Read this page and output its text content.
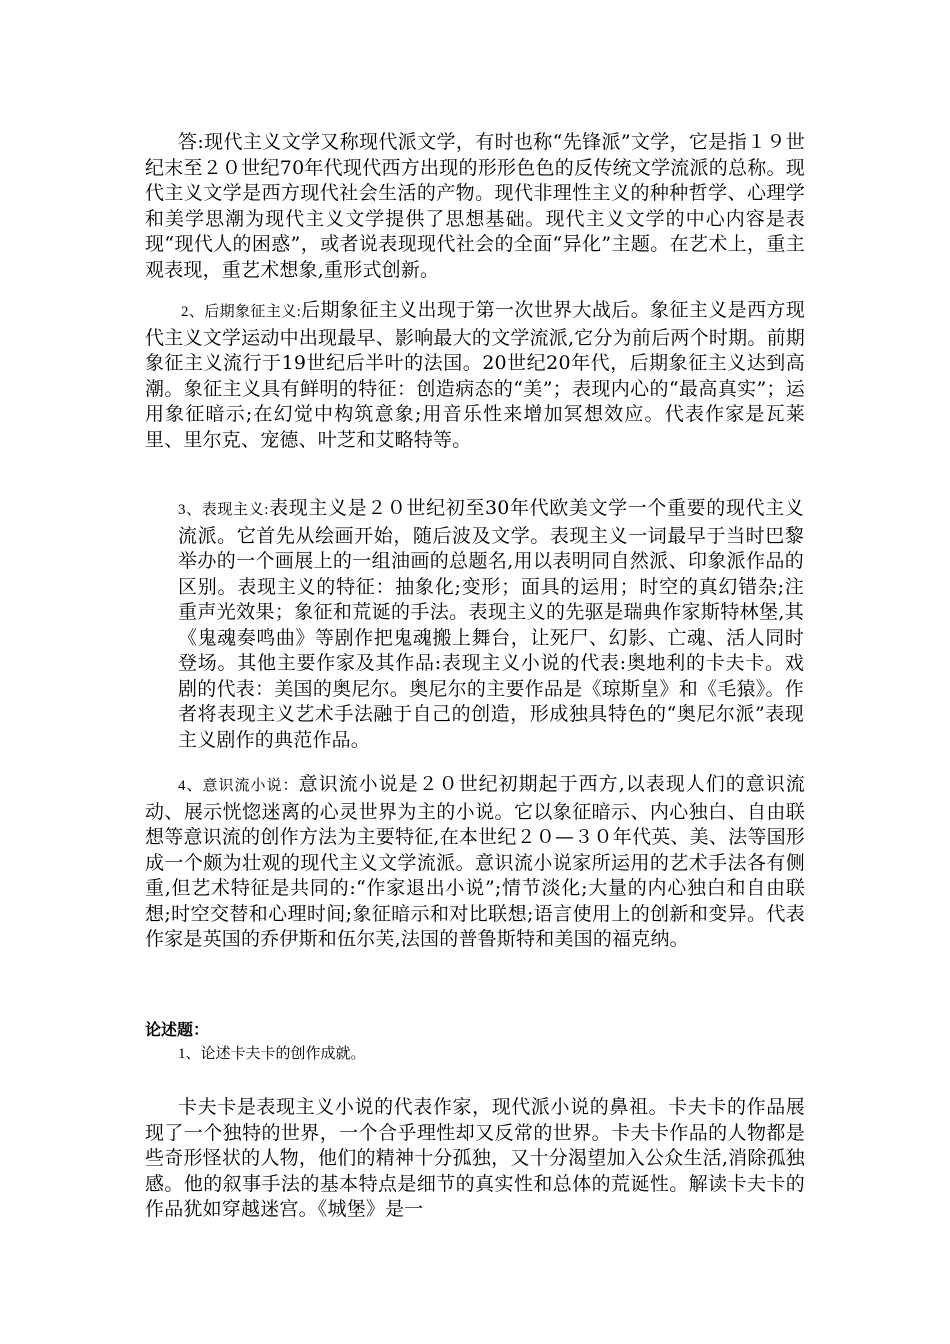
答:现代主义文学又称现代派文学，有时也称“先锋派”文学，它是指１９世纪末至２０世纪70年代现代西方出现的形形色色的反传统文学流派的总称。现代主义文学是西方现代社会生活的产物。现代非理性主义的种种哲学、心理学和美学思潮为现代主义文学提供了思想基础。现代主义文学的中心内容是表现“现代人的困惑”，或者说表现现代社会的全面“异化”主题。在艺术上，重主观表现，重艺术想象,重形式创新。

2、后期象征主义:后期象征主义出现于第一次世界大战后。象征主义是西方现代主义文学运动中出现最早、影响最大的文学流派,它分为前后两个时期。前期象征主义流行于19世纪后半叶的法国。20世纪20年代，后期象征主义达到高潮。象征主义具有鲜明的特征：创造病态的“美”；表现内心的“最高真实”；运用象征暗示;在幻觉中构筑意象;用音乐性来增加冥想效应。代表作家是瓦莱里、里尔克、宠德、叶芝和艾略特等。

3、表现主义:表现主义是２０世纪初至30年代欧美文学一个重要的现代主义流派。它首先从绘画开始，随后波及文学。表现主义一词最早于当时巴黎举办的一个画展上的一组油画的总题名,用以表明同自然派、印象派作品的区别。表现主义的特征：抽象化;变形；面具的运用；时空的真幻错杂;注重声光效果；象征和荒诞的手法。表现主义的先驱是瑞典作家斯特林堡,其《鬼魂奏鸣曲》等剧作把鬼魂搬上舞台，让死尸、幻影、亡魂、活人同时登场。其他主要作家及其作品:表现主义小说的代表:奥地利的卡夫卡。戏剧的代表：美国的奥尼尔。奥尼尔的主要作品是《琼斯皇》和《毛猿》。作者将表现主义艺术手法融于自己的创造，形成独具特色的“奥尼尔派”表现主义剧作的典范作品。

4、意识流小说：意识流小说是２０世纪初期起于西方,以表现人们的意识流动、展示恍惚迷离的心灵世界为主的小说。它以象征暗示、内心独白、自由联想等意识流的创作方法为主要特征,在本世纪２０—３０年代英、美、法等国形成一个颇为壮观的现代主义文学流派。意识流小说家所运用的艺术手法各有侧重,但艺术特征是共同的:“作家退出小说”;情节淡化;大量的内心独白和自由联想;时空交替和心理时间;象征暗示和对比联想;语言使用上的创新和变异。代表作家是英国的乔伊斯和伍尔芙,法国的普鲁斯特和美国的福克纳。

论述题：
1、论述卡夫卡的创作成就。

卡夫卡是表现主义小说的代表作家，现代派小说的鼻祖。卡夫卡的作品展现了一个独特的世界，一个合乎理性却又反常的世界。卡夫卡作品的人物都是些奇形怪状的人物，他们的精神十分孤独，又十分渴望加入公众生活,消除孤独感。他的叙事手法的基本特点是细节的真实性和总体的荒诞性。解读卡夫卡的作品犹如穿越迷宫。《城堡》是一
